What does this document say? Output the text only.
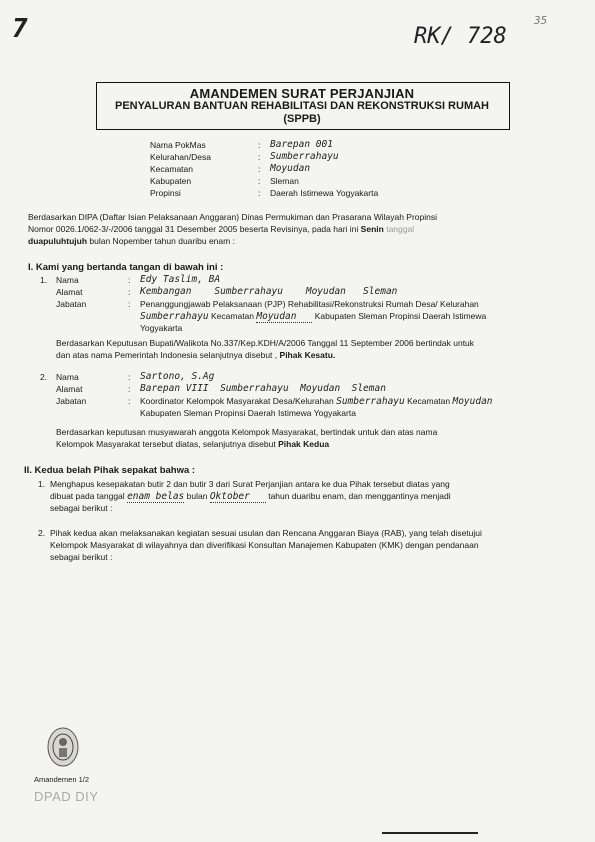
7	RK/ 728
35
AMANDEMEN SURAT PERJANJIAN
PENYALURAN BANTUAN REHABILITASI DAN REKONSTRUKSI RUMAH
(SPPB)
Nama PokMas	: Barepan 001
Kelurahan/Desa	: Sumberrahayu
Kecamatan	: Moyudan
Kabupaten	: Sleman
Propinsi	: Daerah Istimewa Yogyakarta
Berdasarkan DIPA (Daftar Isian Pelaksanaan Anggaran) Dinas Permukiman dan Prasarana Wilayah Propinsi
Nomor 0026.1/062-3/-/2006 tanggal 31 Desember 2005 beserta Revisinya, pada hari ini Senin tanggal
duapuluhtujuh bulan Nopember tahun duaribu enam :
I. Kami yang bertanda tangan di bawah ini :
1. Nama	: Edy Taslim, BA
Alamat	: Kembangan    Sumberrahayu    Moyudan   Sleman
Jabatan	: Penanggungjawab Pelaksanaan (PJP) Rehabilitasi/Rekonstruksi Rumah Desa/ Kelurahan
Sumberrahayu Kecamatan Moyudan Kabupaten Sleman Propinsi Daerah Istimewa
Yogyakarta
Berdasarkan Keputusan Bupati/Walikota No.337/Kep.KDH/A/2006 Tanggal 11 September 2006 bertindak untuk
dan atas nama Pemerintah Indonesia selanjutnya disebut , Pihak Kesatu.
2. Nama	: Sartono, S.Ag
Alamat	: Barepan VIII  Sumberrahayu  Moyudan  Sleman
Jabatan	: Koordinator Kelompok Masyarakat Desa/Kelurahan Sumberrahayu Kecamatan Moyudan
Kabupaten Sleman Propinsi Daerah Istimewa Yogyakarta
Berdasarkan keputusan musyawarah anggota Kelompok Masyarakat, bertindak untuk dan atas nama
Kelompok Masyarakat tersebut diatas, selanjutnya disebut Pihak Kedua
II. Kedua belah Pihak sepakat bahwa :
1. Menghapus kesepakatan butir 2 dan butir 3 dari Surat Perjanjian antara ke dua Pihak tersebut diatas yang
dibuat pada tanggal enam belas bulan Oktober tahun duaribu enam, dan menggantinya menjadi
sebagai berikut :
2. Pihak kedua akan melaksanakan kegiatan sesuai usulan dan Rencana Anggaran Biaya (RAB), yang telah disetujui
Kelompok Masyarakat di wilayahnya dan diverifikasi Konsultan Manajemen Kabupaten (KMK) dengan pendanaan
sebagai berikut :
Amandemen 1/2
DPAD DIY
